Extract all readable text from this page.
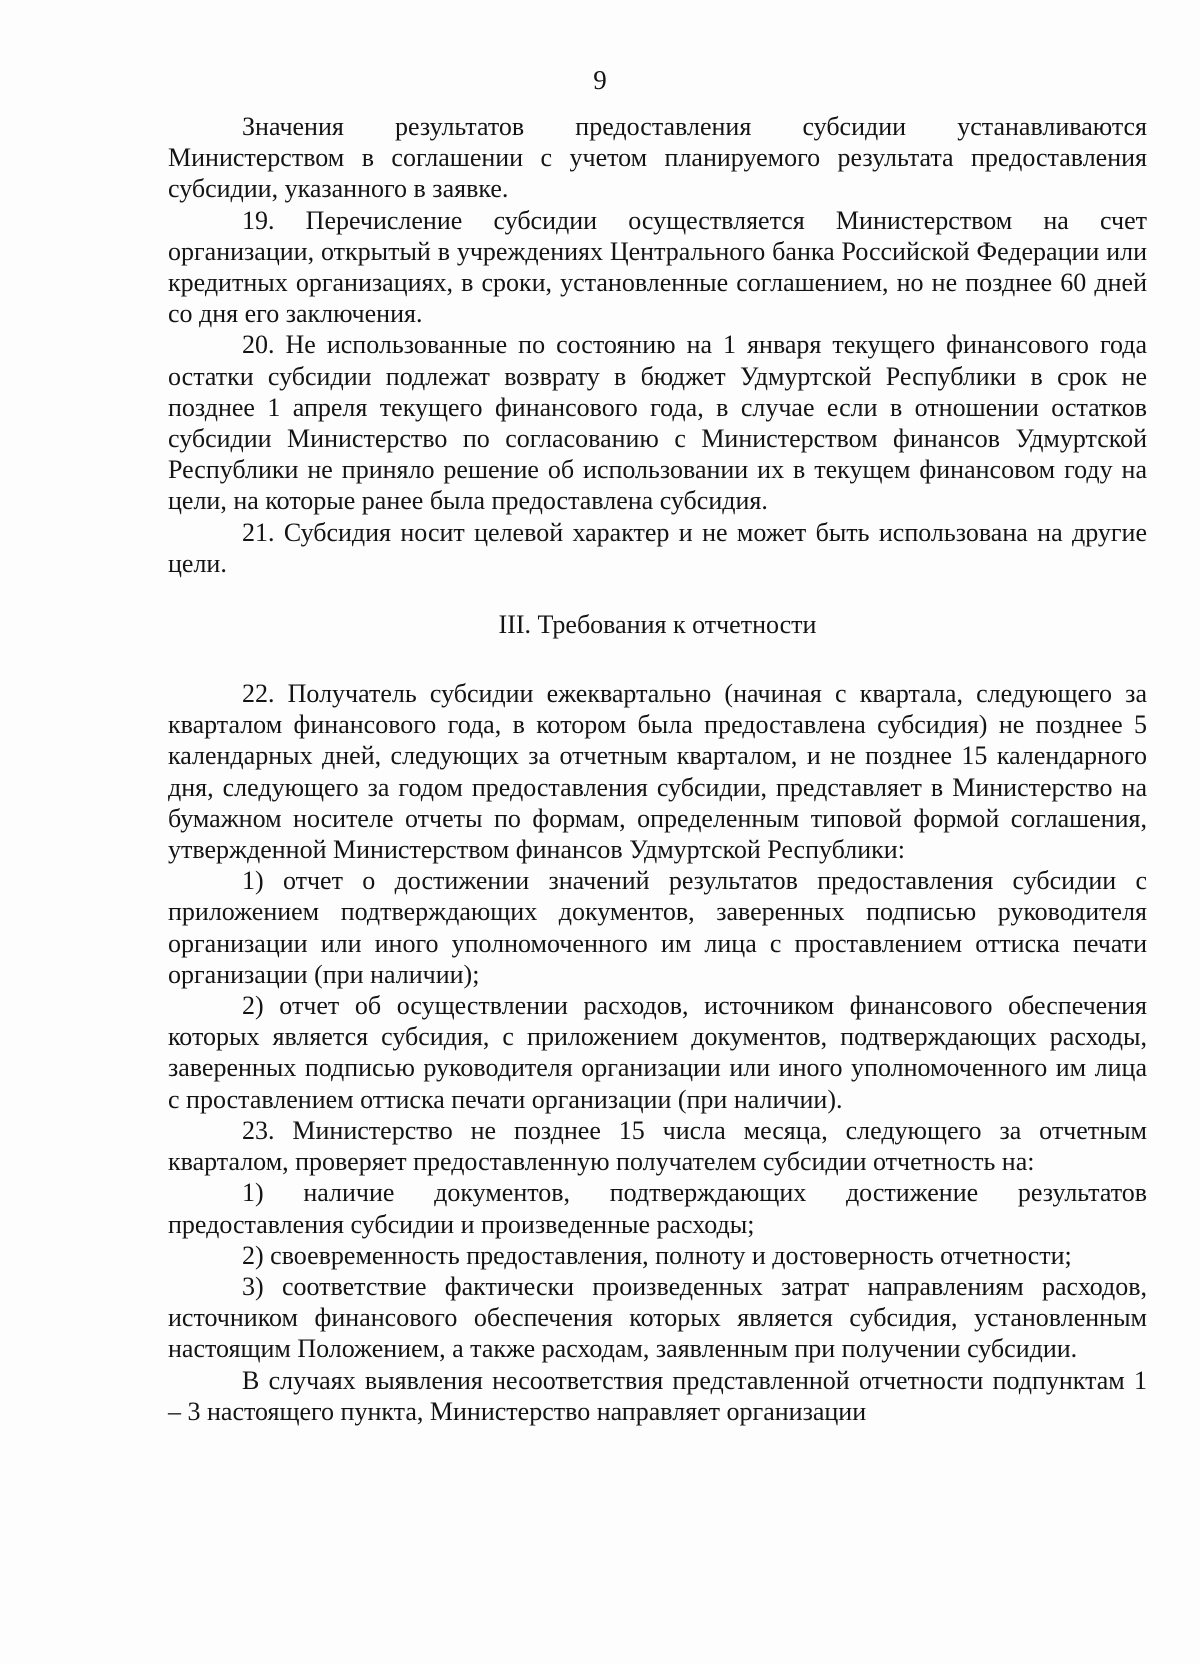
9

Значения результатов предоставления субсидии устанавливаются Министерством в соглашении с учетом планируемого результата предоставления субсидии, указанного в заявке.

19. Перечисление субсидии осуществляется Министерством на счет организации, открытый в учреждениях Центрального банка Российской Федерации или кредитных организациях, в сроки, установленные соглашением, но не позднее 60 дней со дня его заключения.

20. Не использованные по состоянию на 1 января текущего финансового года остатки субсидии подлежат возврату в бюджет Удмуртской Республики в срок не позднее 1 апреля текущего финансового года, в случае если в отношении остатков субсидии Министерство по согласованию с Министерством финансов Удмуртской Республики не приняло решение об использовании их в текущем финансовом году на цели, на которые ранее была предоставлена субсидия.

21. Субсидия носит целевой характер и не может быть использована на другие цели.

III. Требования к отчетности

22. Получатель субсидии ежеквартально (начиная с квартала, следующего за кварталом финансового года, в котором была предоставлена субсидия) не позднее 5 календарных дней, следующих за отчетным кварталом, и не позднее 15 календарного дня, следующего за годом предоставления субсидии, представляет в Министерство на бумажном носителе отчеты по формам, определенным типовой формой соглашения, утвержденной Министерством финансов Удмуртской Республики:

1) отчет о достижении значений результатов предоставления субсидии с приложением подтверждающих документов, заверенных подписью руководителя организации или иного уполномоченного им лица с проставлением оттиска печати организации (при наличии);

2) отчет об осуществлении расходов, источником финансового обеспечения которых является субсидия, с приложением документов, подтверждающих расходы, заверенных подписью руководителя организации или иного уполномоченного им лица с проставлением оттиска печати организации (при наличии).

23. Министерство не позднее 15 числа месяца, следующего за отчетным кварталом, проверяет предоставленную получателем субсидии отчетность на:

1) наличие документов, подтверждающих достижение результатов предоставления субсидии и произведенные расходы;

2) своевременность предоставления, полноту и достоверность отчетности;

3) соответствие фактически произведенных затрат направлениям расходов, источником финансового обеспечения которых является субсидия, установленным настоящим Положением, а также расходам, заявленным при получении субсидии.

В случаях выявления несоответствия представленной отчетности подпунктам 1 – 3 настоящего пункта, Министерство направляет организации
